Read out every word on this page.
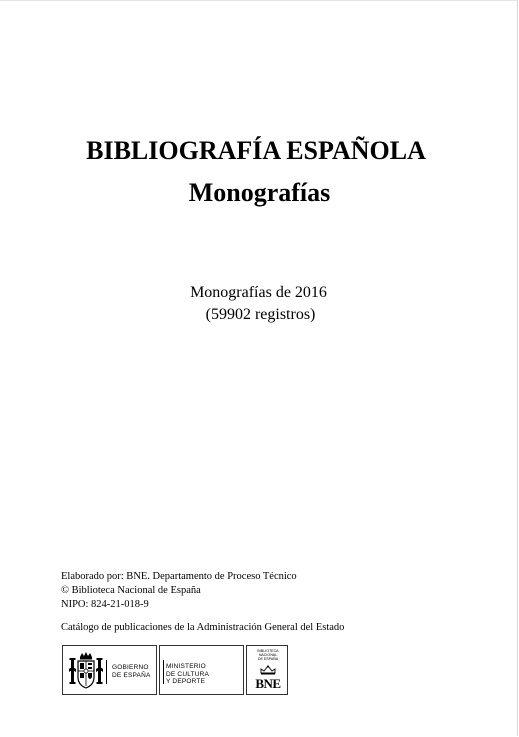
BIBLIOGRAFÍA ESPAÑOLA
Monografías
Monografías de 2016
(59902 registros)
Elaborado por: BNE. Departamento de Proceso Técnico
© Biblioteca Nacional de España
NIPO: 824-21-018-9
Catálogo de publicaciones de la Administración General del Estado
GOBIERNO
DE ESPAÑA
MINISTERIO
DE CULTURA
Y DEPORTE
BIBLIOTECA
NACIONAL
DE ESPAÑA
BNE
